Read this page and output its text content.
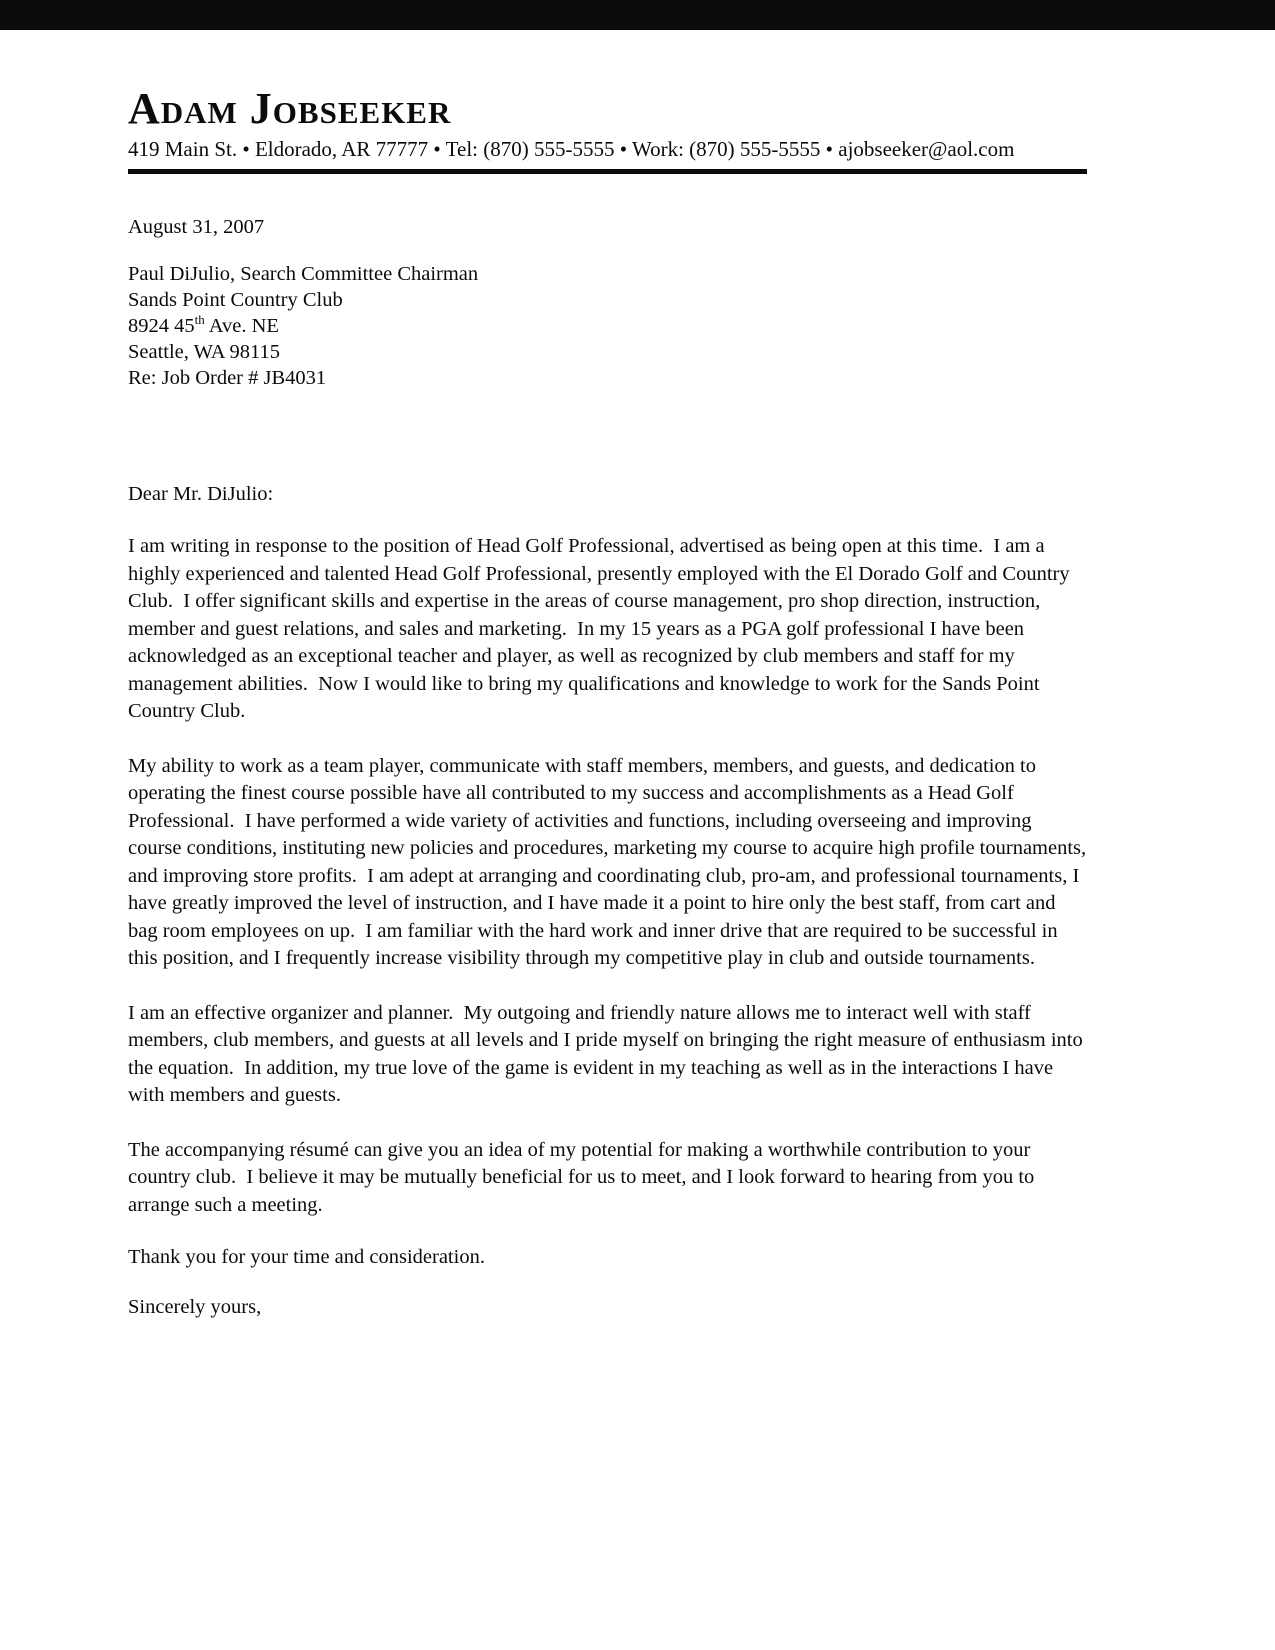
Adam Jobseeker
419 Main St. • Eldorado, AR 77777 • Tel: (870) 555-5555 • Work: (870) 555-5555 • ajobseeker@aol.com
August 31, 2007

Paul DiJulio, Search Committee Chairman

Sands Point Country Club

8924 45th Ave. NE

Seattle, WA 98115

Re: Job Order # JB4031

Dear Mr. DiJulio:

I am writing in response to the position of Head Golf Professional, advertised as being open at this time.  I am a highly experienced and talented Head Golf Professional, presently employed with the El Dorado Golf and Country Club.  I offer significant skills and expertise in the areas of course management, pro shop direction, instruction, member and guest relations, and sales and marketing.  In my 15 years as a PGA golf professional I have been acknowledged as an exceptional teacher and player, as well as recognized by club members and staff for my management abilities.  Now I would like to bring my qualifications and knowledge to work for the Sands Point Country Club.

My ability to work as a team player, communicate with staff members, members, and guests, and dedication to operating the finest course possible have all contributed to my success and accomplishments as a Head Golf Professional.  I have performed a wide variety of activities and functions, including overseeing and improving course conditions, instituting new policies and procedures, marketing my course to acquire high profile tournaments, and improving store profits.  I am adept at arranging and coordinating club, pro-am, and professional tournaments, I have greatly improved the level of instruction, and I have made it a point to hire only the best staff, from cart and bag room employees on up.  I am familiar with the hard work and inner drive that are required to be successful in this position, and I frequently increase visibility through my competitive play in club and outside tournaments.

I am an effective organizer and planner.  My outgoing and friendly nature allows me to interact well with staff members, club members, and guests at all levels and I pride myself on bringing the right measure of enthusiasm into the equation.  In addition, my true love of the game is evident in my teaching as well as in the interactions I have with members and guests.

The accompanying résumé can give you an idea of my potential for making a worthwhile contribution to your country club.  I believe it may be mutually beneficial for us to meet, and I look forward to hearing from you to arrange such a meeting.

Thank you for your time and consideration.
Sincerely yours,
